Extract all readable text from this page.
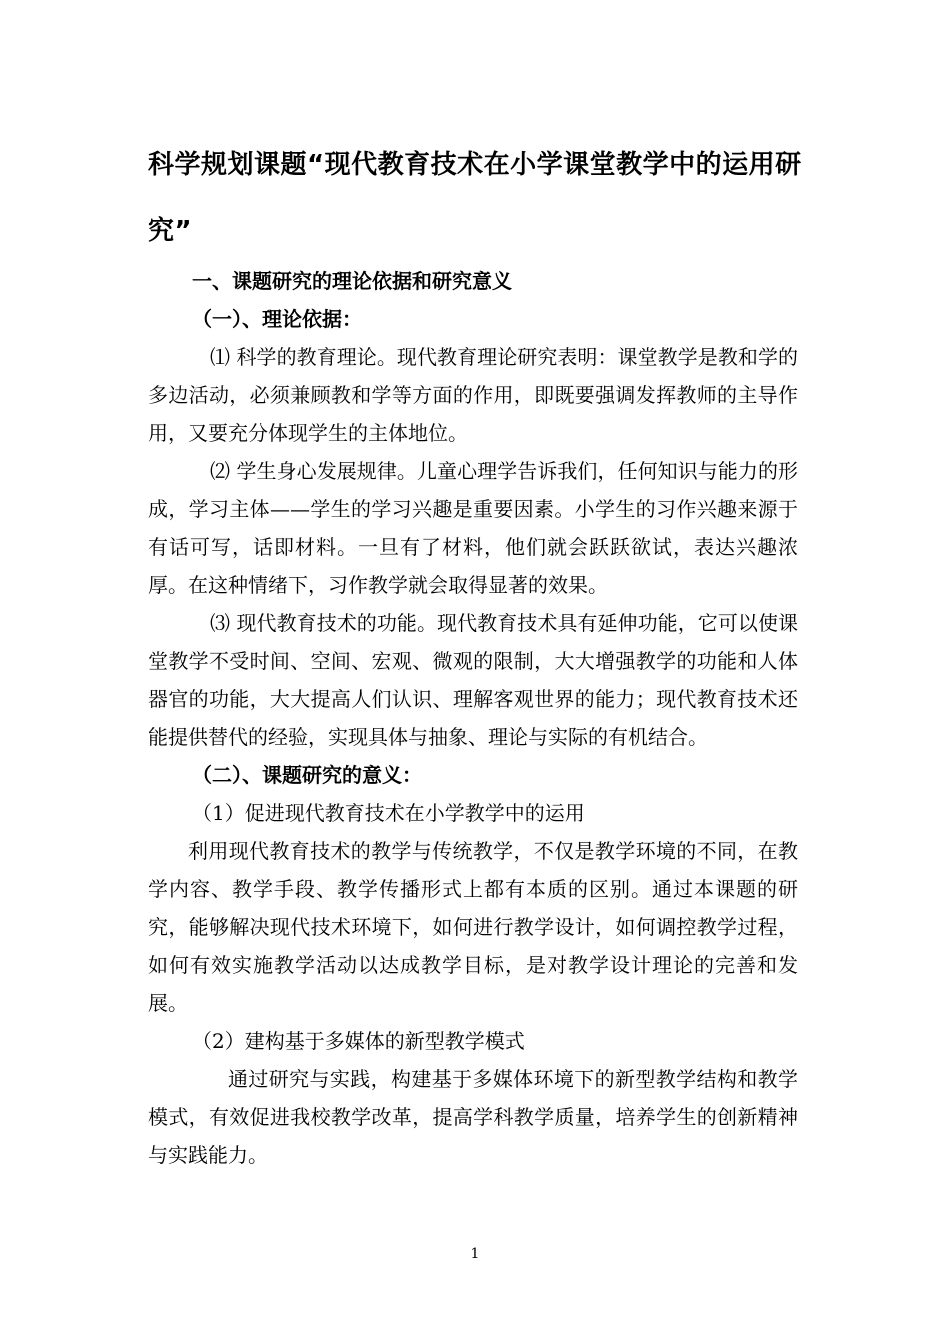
科学规划课题“现代教育技术在小学课堂教学中的运用研究”

一、课题研究的理论依据和研究意义

（一）、理论依据：

⑴ 科学的教育理论。现代教育理论研究表明：课堂教学是教和学的多边活动，必须兼顾教和学等方面的作用，即既要强调发挥教师的主导作用，又要充分体现学生的主体地位。

⑵ 学生身心发展规律。儿童心理学告诉我们，任何知识与能力的形成，学习主体——学生的学习兴趣是重要因素。小学生的习作兴趣来源于有话可写，话即材料。一旦有了材料，他们就会跃跃欲试，表达兴趣浓厚。在这种情绪下，习作教学就会取得显著的效果。

⑶ 现代教育技术的功能。现代教育技术具有延伸功能，它可以使课堂教学不受时间、空间、宏观、微观的限制，大大增强教学的功能和人体器官的功能，大大提高人们认识、理解客观世界的能力；现代教育技术还能提供替代的经验，实现具体与抽象、理论与实际的有机结合。

（二）、课题研究的意义：

（1）促进现代教育技术在小学教学中的运用

利用现代教育技术的教学与传统教学，不仅是教学环境的不同，在教学内容、教学手段、教学传播形式上都有本质的区别。通过本课题的研究，能够解决现代技术环境下，如何进行教学设计，如何调控教学过程，如何有效实施教学活动以达成教学目标，是对教学设计理论的完善和发展。

（2）建构基于多媒体的新型教学模式

通过研究与实践，构建基于多媒体环境下的新型教学结构和教学模式，有效促进我校教学改革，提高学科教学质量，培养学生的创新精神与实践能力。

1
